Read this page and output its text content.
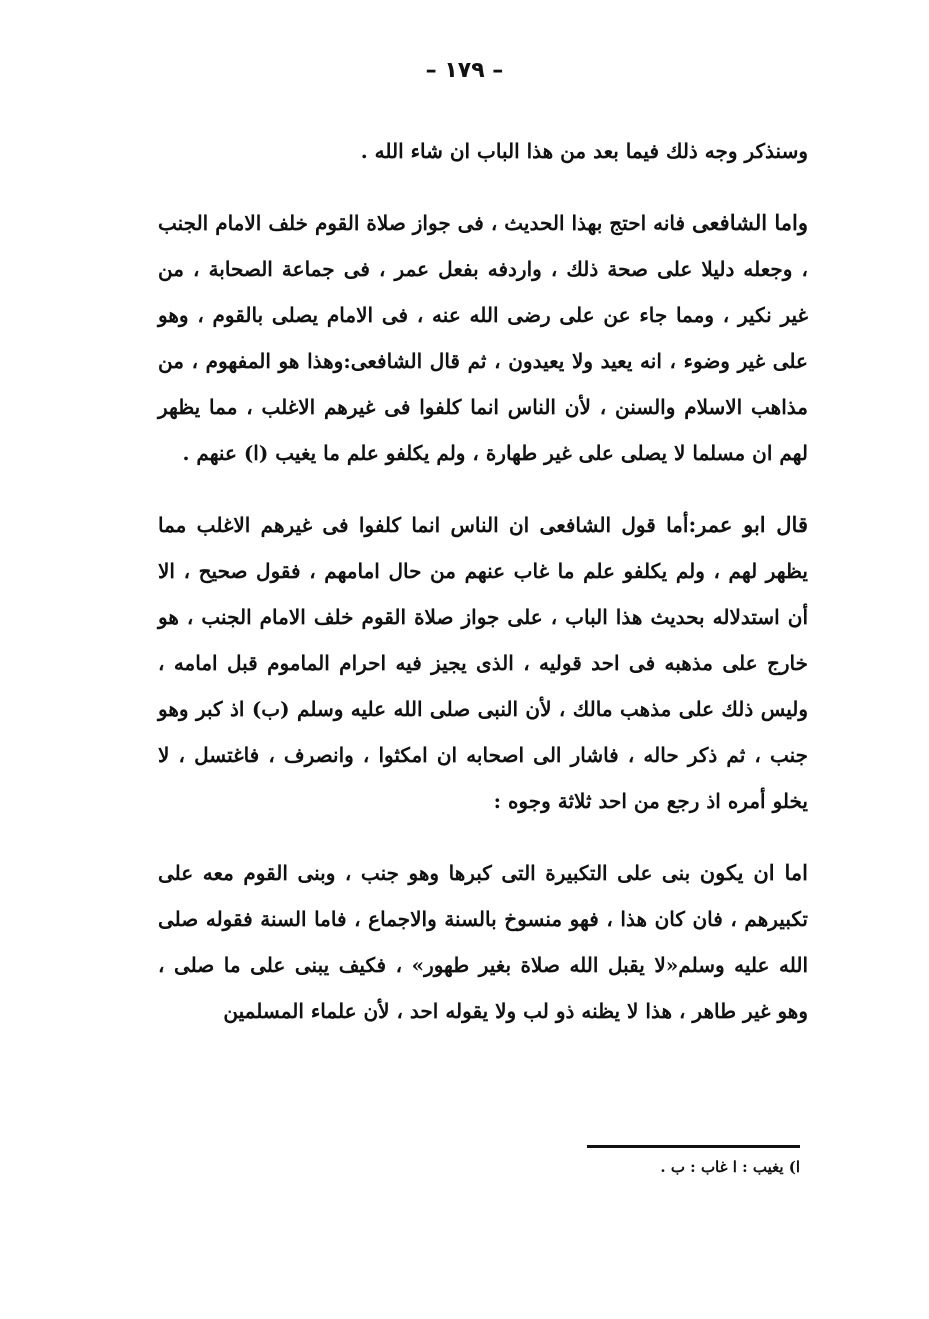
– ١٧٩ –

وسنذكر وجه ذلك فيما بعد من هذا الباب ان شاء الله .

واما الشافعى فانه احتج بهذا الحديث ، فى جواز صلاة القوم خلف الامام الجنب ، وجعله دليلا على صحة ذلك ، واردفه بفعل عمر ، فى جماعة الصحابة ، من غير نكير ، ومما جاء عن على رضى الله عنه ، فى الامام يصلى بالقوم ، وهو على غير وضوء ، انه يعيد ولا يعيدون ، ثم قال الشافعى:وهذا هو المفهوم ، من مذاهب الاسلام والسنن ، لأن الناس انما كلفوا فى غيرهم الاغلب ، مما يظهر لهم ان مسلما لا يصلى على غير طهارة ، ولم يكلفو علم ما يغيب (ا) عنهم .

قال ابو عمر:أما قول الشافعى ان الناس انما كلفوا فى غيرهم الاغلب مما يظهر لهم ، ولم يكلفو علم ما غاب عنهم من حال امامهم ، فقول صحيح ، الا أن استدلاله بحديث هذا الباب ، على جواز صلاة القوم خلف الامام الجنب ، هو خارج على مذهبه فى احد قوليه ، الذى يجيز فيه احرام الماموم قبل امامه ، وليس ذلك على مذهب مالك ، لأن النبى صلى الله عليه وسلم (ب) اذ كبر وهو جنب ، ثم ذكر حاله ، فاشار الى اصحابه ان امكثوا ، وانصرف ، فاغتسل ، لا يخلو أمره اذ رجع من احد ثلاثة وجوه :

اما ان يكون بنى على التكبيرة التى كبرها وهو جنب ، وبنى القوم معه على تكبيرهم ، فان كان هذا ، فهو منسوخ بالسنة والاجماع ، فاما السنة فقوله صلى الله عليه وسلم«لا يقبل الله صلاة بغير طهور» ، فكيف يبنى على ما صلى ، وهو غير طاهر ، هذا لا يظنه ذو لب ولا يقوله احد ، لأن علماء المسلمين

ا) يغيب : ا غاب : ب .
